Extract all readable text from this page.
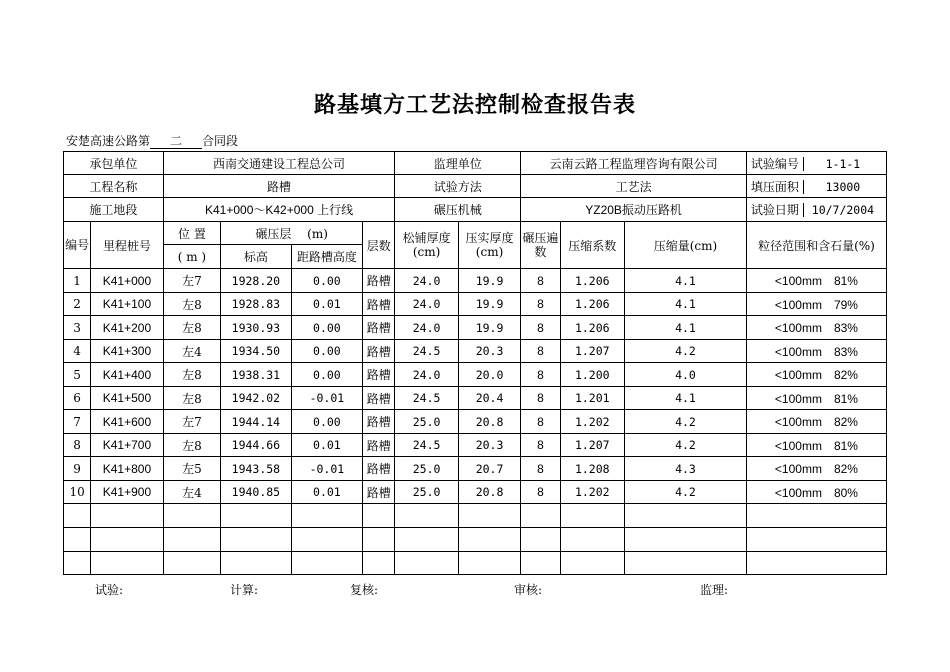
路基填方工艺法控制检查报告表
安楚高速公路第 二 合同段
承包单位		西南交通建设工程总公司				监理单位		云南云路工程监理咨询有限公司			试验编号 1-1-1
工程名称		路槽				试验方法		工艺法			填压面积 13000
施工地段		K41+000～K42+000 上行线				碾压机械		YZ20B振动压路机			试验日期 10/7/2004
编号	里程桩号	位 置	碾压层　 (m)		层数	松铺厚度(cm)	压实厚度(cm)	碾压遍数	压缩系数	压缩量(cm)	粒径范围和含石量(%)
		( m )	标高	距路槽高度							
1	K41+000	左7	1928.20	0.00	路槽	24.0	19.9	8	1.206	4.1	<100mm　81%
2	K41+100	左8	1928.83	0.01	路槽	24.0	19.9	8	1.206	4.1	<100mm　79%
3	K41+200	左8	1930.93	0.00	路槽	24.0	19.9	8	1.206	4.1	<100mm　83%
4	K41+300	左4	1934.50	0.00	路槽	24.5	20.3	8	1.207	4.2	<100mm　83%
5	K41+400	左8	1938.31	0.00	路槽	24.0	20.0	8	1.200	4.0	<100mm　82%
6	K41+500	左8	1942.02	-0.01	路槽	24.5	20.4	8	1.201	4.1	<100mm　81%
7	K41+600	左7	1944.14	0.00	路槽	25.0	20.8	8	1.202	4.2	<100mm　82%
8	K41+700	左8	1944.66	0.01	路槽	24.5	20.3	8	1.207	4.2	<100mm　81%
9	K41+800	左5	1943.58	-0.01	路槽	25.0	20.7	8	1.208	4.3	<100mm　82%
10	K41+900	左4	1940.85	0.01	路槽	25.0	20.8	8	1.202	4.2	<100mm　80%

试验:	计算:	复核:	审核:	监理:
